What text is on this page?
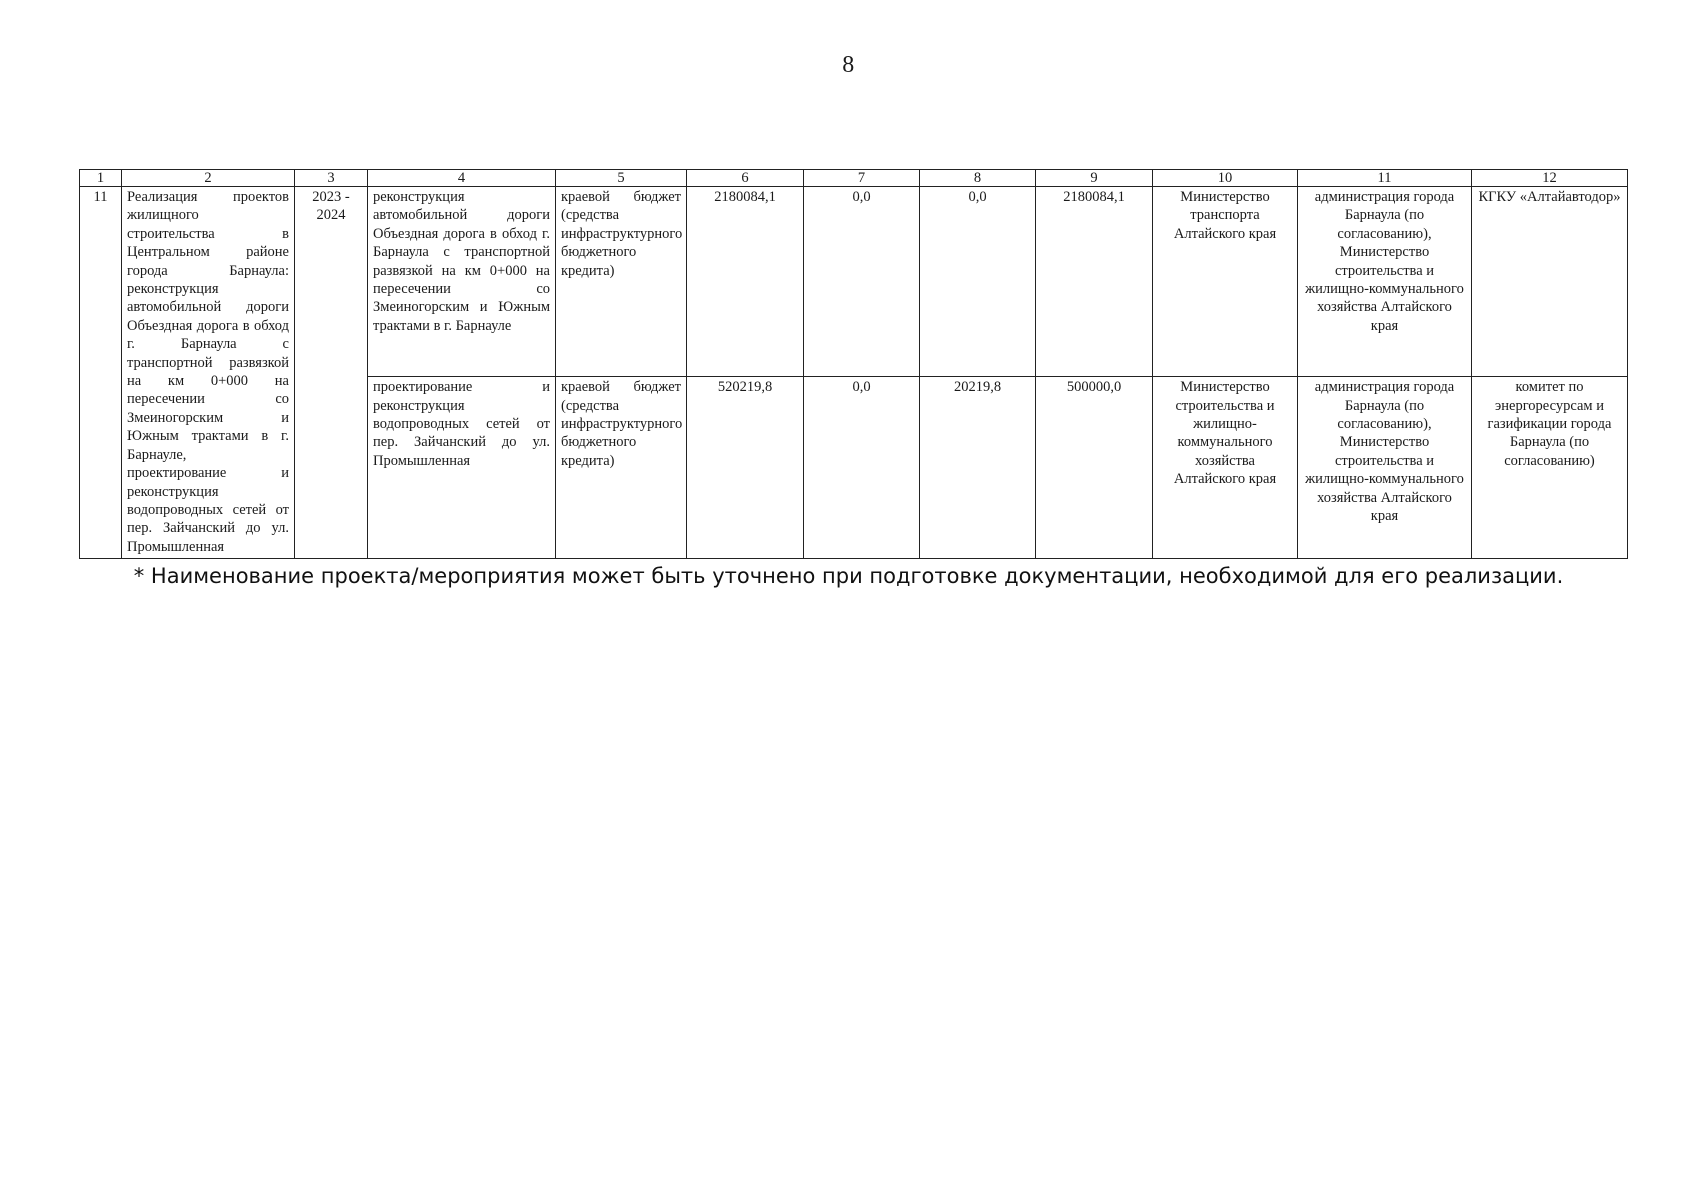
8
1	2	3	4	5	6	7	8	9	10	11	12
11	Реализация проектов жилищного строительства в Центральном районе города Барнаула: реконструкция автомобильной дороги Объездная дорога в обход г. Барнаула с транспортной развязкой на км 0+000 на пересечении со Змеиногорским и Южным трактами в г. Барнауле, проектирование и реконструкция водопроводных сетей от пер. Зайчанский до ул. Промышленная	2023 - 2024	реконструкция автомобильной дороги Объездная дорога в обход г. Барнаула с транспортной развязкой на км 0+000 на пересечении со Змеиногорским и Южным трактами в г. Барнауле	краевой бюджет (средства инфраструктурного бюджетного кредита)	2180084,1	0,0	0,0	2180084,1	Министерство транспорта Алтайского края	администрация города Барнаула (по согласованию), Министерство строительства и жилищно-коммунального хозяйства Алтайского края	КГКУ «Алтайавтодор»
			проектирование и реконструкция водопроводных сетей от пер. Зайчанский до ул. Промышленная	краевой бюджет (средства инфраструктурного бюджетного кредита)	520219,8	0,0	20219,8	500000,0	Министерство строительства и жилищно-коммунального хозяйства Алтайского края	администрация города Барнаула (по согласованию), Министерство строительства и жилищно-коммунального хозяйства Алтайского края	комитет по энергоресурсам и газификации города Барнаула (по согласованию)
* Наименование проекта/мероприятия может быть уточнено при подготовке документации, необходимой для его реализации.
